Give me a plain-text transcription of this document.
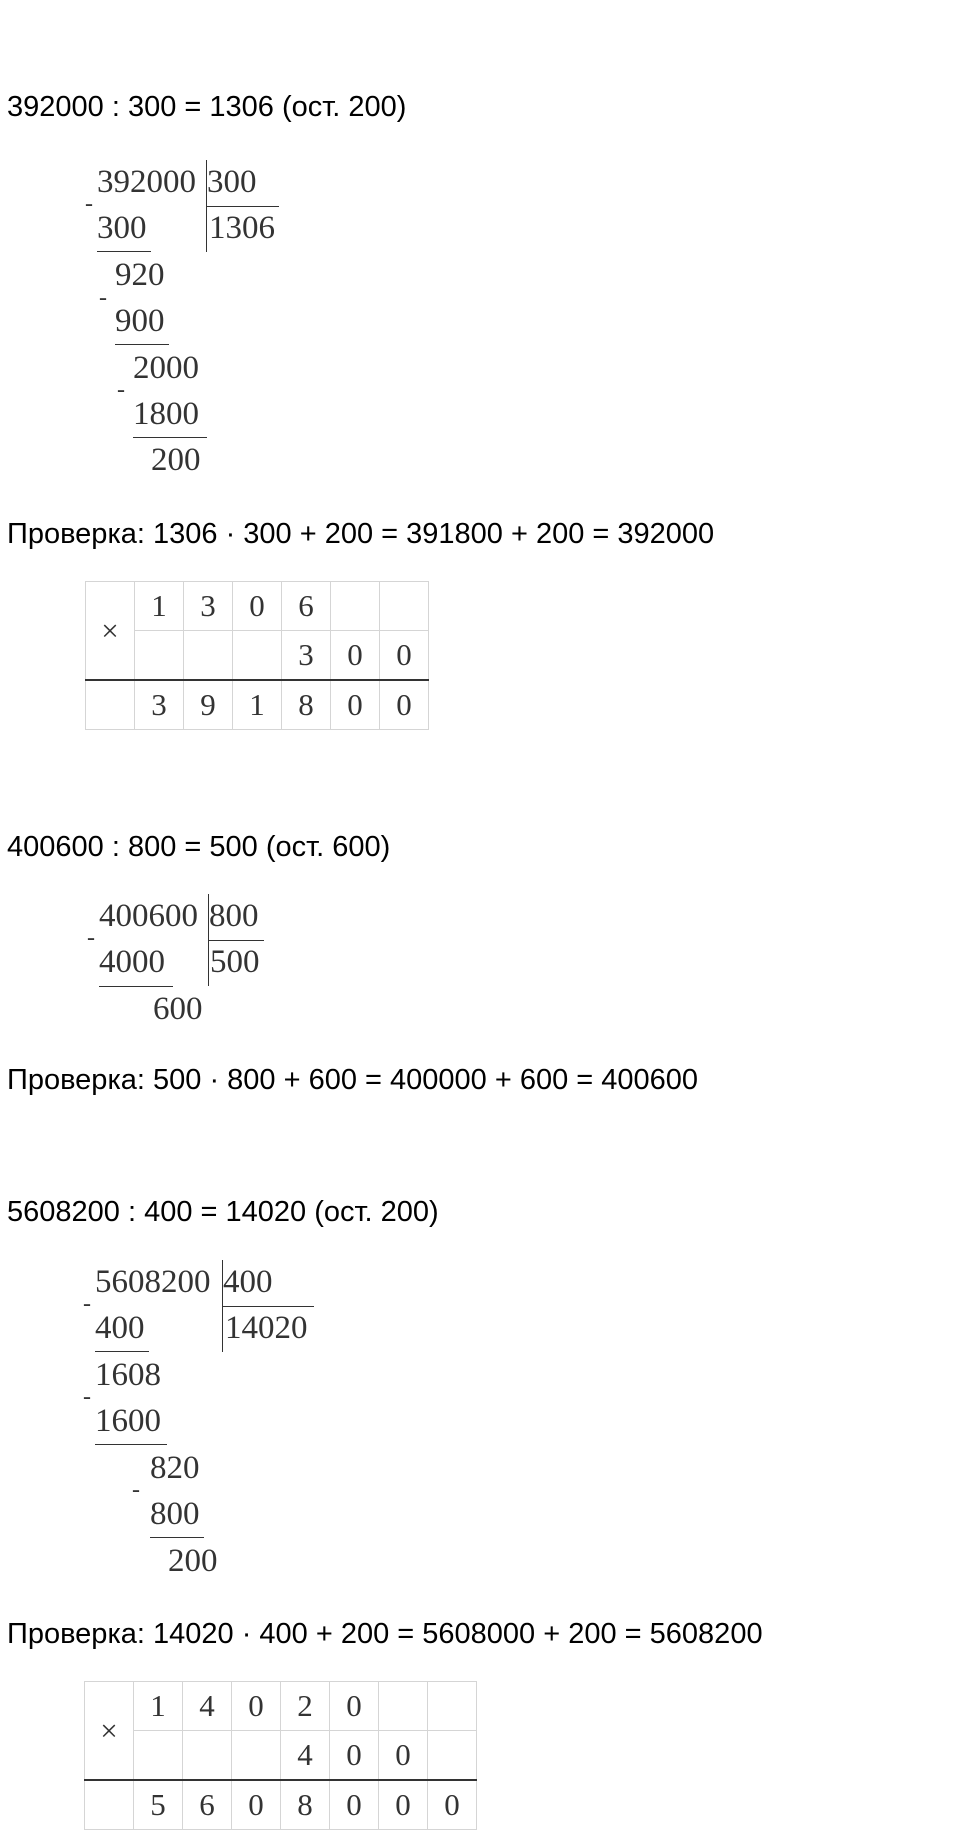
392000 : 300 = 1306 (ост. 200)
392000 300
1306
-
300
920
-
900
2000
-
1800
200
Проверка: 1306 · 300 + 200 = 391800 + 200 = 392000
×	1	3	0	6		
				3	0	0
	3	9	1	8	0	0
400600 : 800 = 500 (ост. 600)
400600 800
500
-
4000
600
Проверка: 500 · 800 + 600 = 400000 + 600 = 400600
5608200 : 400 = 14020 (ост. 200)
5608200 400
14020
-
400
1608
-
1600
820
-
800
200
Проверка: 14020 · 400 + 200 = 5608000 + 200 = 5608200
×	1	4	0	2	0		
				4	0	0	
	5	6	0	8	0	0	0
